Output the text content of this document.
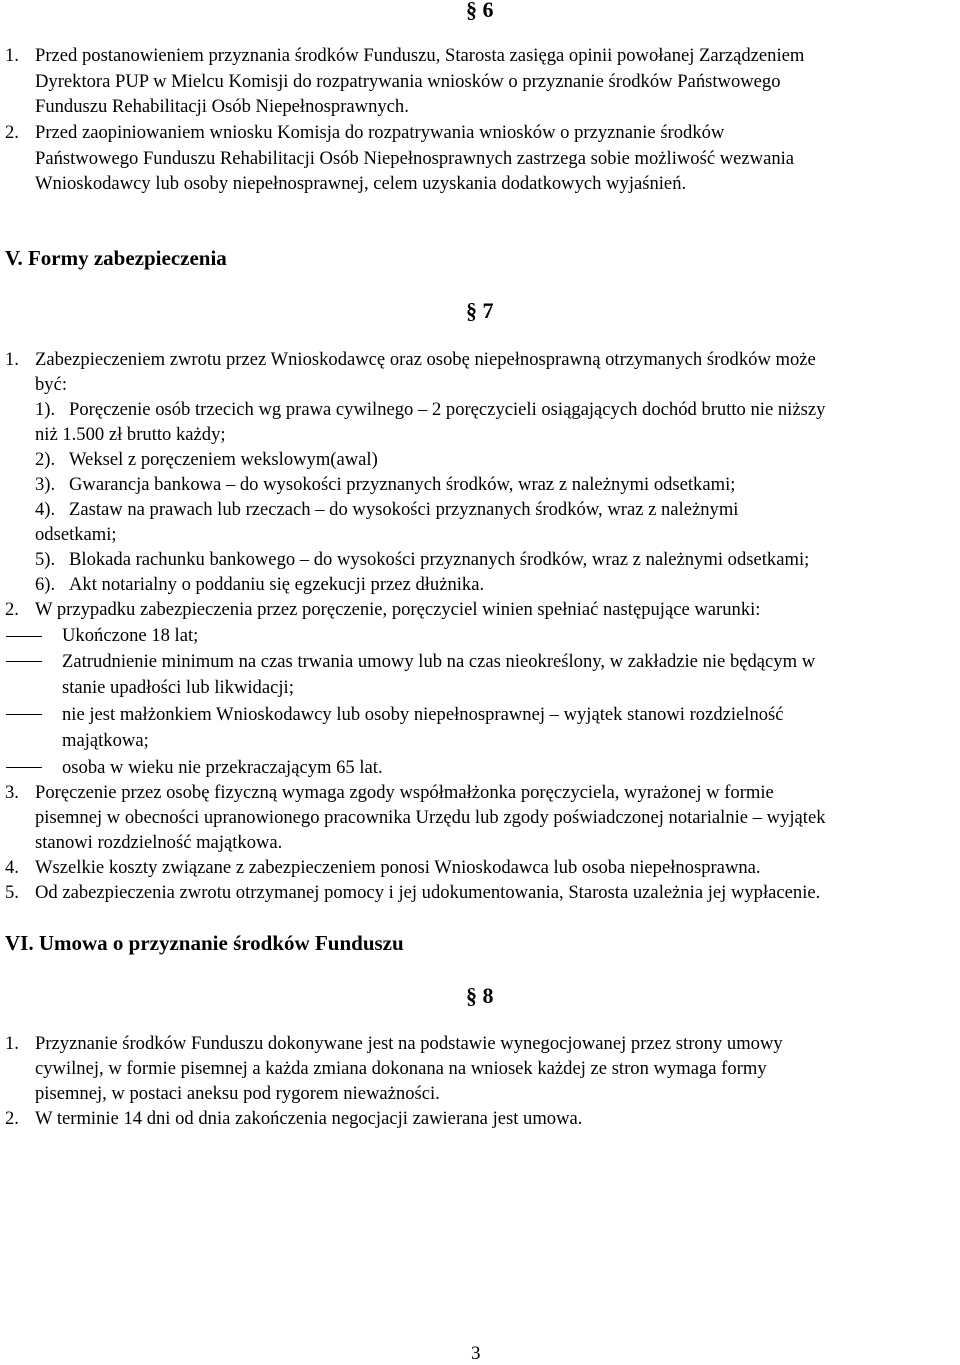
§ 6
1. Przed postanowieniem przyznania środków Funduszu, Starosta zasięga opinii powołanej Zarządzeniem
Dyrektora PUP w Mielcu Komisji do rozpatrywania wniosków o przyznanie środków Państwowego
Funduszu Rehabilitacji Osób Niepełnosprawnych.
2. Przed zaopiniowaniem wniosku Komisja do rozpatrywania wniosków o przyznanie środków
Państwowego Funduszu Rehabilitacji Osób Niepełnosprawnych zastrzega sobie możliwość wezwania
Wnioskodawcy lub osoby niepełnosprawnej, celem uzyskania dodatkowych wyjaśnień.
V. Formy zabezpieczenia
§ 7
1. Zabezpieczeniem zwrotu przez Wnioskodawcę oraz osobę niepełnosprawną otrzymanych środków może
być:
1). Poręczenie osób trzecich wg prawa cywilnego – 2 poręczycieli osiągających dochód brutto nie niższy
niż 1.500 zł brutto każdy;
2). Weksel z poręczeniem wekslowym(awal)
3). Gwarancja bankowa – do wysokości przyznanych środków, wraz z należnymi odsetkami;
4). Zastaw na prawach lub rzeczach – do wysokości przyznanych środków, wraz z należnymi
odsetkami;
5). Blokada rachunku bankowego – do wysokości przyznanych środków, wraz z należnymi odsetkami;
6). Akt notarialny o poddaniu się egzekucji przez dłużnika.
2. W przypadku zabezpieczenia przez poręczenie, poręczyciel winien spełniać następujące warunki:
Ukończone 18 lat;
Zatrudnienie minimum na czas trwania umowy lub na czas nieokreślony, w zakładzie nie będącym w
stanie upadłości lub likwidacji;
nie jest małżonkiem Wnioskodawcy lub osoby niepełnosprawnej – wyjątek stanowi rozdzielność
majątkowa;
osoba w wieku nie przekraczającym 65 lat.
3. Poręczenie przez osobę fizyczną wymaga zgody współmałżonka poręczyciela, wyrażonej w formie
pisemnej w obecności upranowionego pracownika Urzędu lub zgody poświadczonej notarialnie – wyjątek
stanowi rozdzielność majątkowa.
4. Wszelkie koszty związane z zabezpieczeniem ponosi Wnioskodawca lub osoba niepełnosprawna.
5. Od zabezpieczenia zwrotu otrzymanej pomocy i jej udokumentowania, Starosta uzależnia jej wypłacenie.
VI. Umowa o przyznanie środków Funduszu
§ 8
1. Przyznanie środków Funduszu dokonywane jest na podstawie wynegocjowanej przez strony umowy
cywilnej, w formie pisemnej a każda zmiana dokonana na wniosek każdej ze stron wymaga formy
pisemnej, w postaci aneksu pod rygorem nieważności.
2. W terminie 14 dni od dnia zakończenia negocjacji zawierana jest umowa.
3
